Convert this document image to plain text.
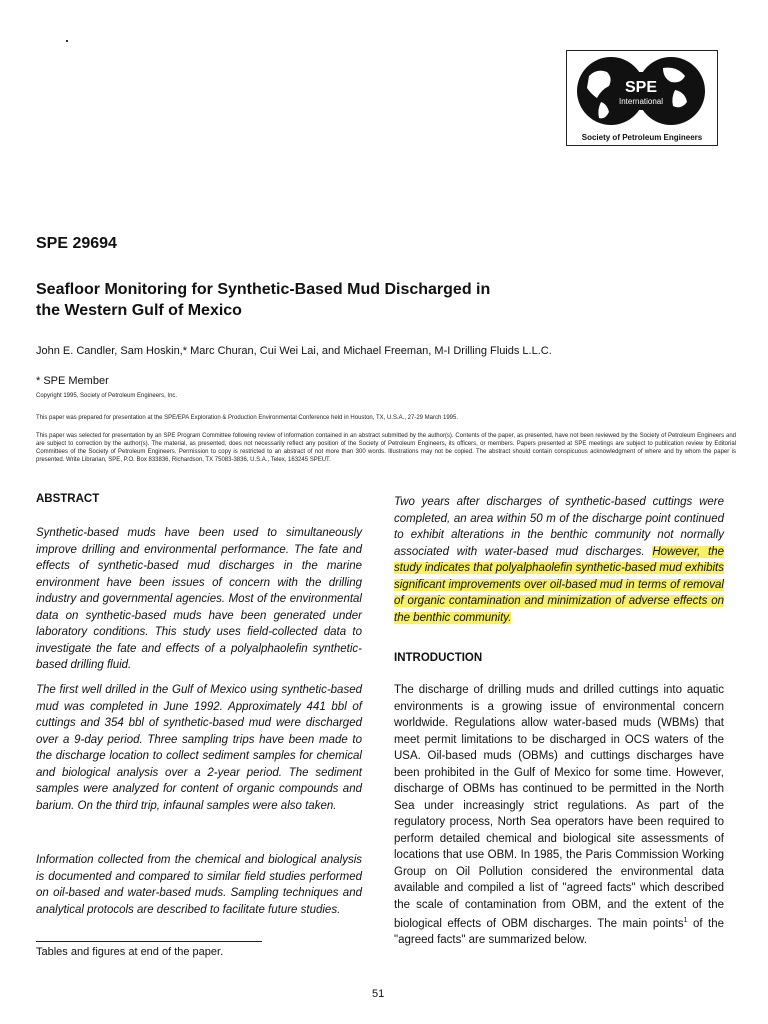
SPE
International
Society of Petroleum Engineers
SPE 29694
Seafloor Monitoring for Synthetic-Based Mud Discharged in the Western Gulf of Mexico
John E. Candler, Sam Hoskin,* Marc Churan, Cui Wei Lai, and Michael Freeman, M-I Drilling Fluids L.L.C.
* SPE Member
Copyright 1995, Society of Petroleum Engineers, Inc.
This paper was prepared for presentation at the SPE/EPA Exploration & Production Environmental Conference held in Houston, TX, U.S.A., 27-29 March 1995.
This paper was selected for presentation by an SPE Program Committee following review of information contained in an abstract submitted by the author(s). Contents of the paper, as presented, have not been reviewed by the Society of Petroleum Engineers and are subject to correction by the author(s). The material, as presented, does not necessarily reflect any position of the Society of Petroleum Engineers, its officers, or members. Papers presented at SPE meetings are subject to publication review by Editorial Committees of the Society of Petroleum Engineers. Permission to copy is restricted to an abstract of not more than 300 words. Illustrations may not be copied. The abstract should contain conspicuous acknowledgment of where and by whom the paper is presented. Write Librarian, SPE, P.O. Box 833836, Richardson, TX 75083-3836, U.S.A., Telex, 163245 SPEUT.
ABSTRACT
Synthetic-based muds have been used to simultaneously improve drilling and environmental performance. The fate and effects of synthetic-based mud discharges in the marine environment have been issues of concern with the drilling industry and governmental agencies. Most of the environmental data on synthetic-based muds have been generated under laboratory conditions. This study uses field-collected data to investigate the fate and effects of a polyalphaolefin synthetic-based drilling fluid.
The first well drilled in the Gulf of Mexico using synthetic-based mud was completed in June 1992. Approximately 441 bbl of cuttings and 354 bbl of synthetic-based mud were discharged over a 9-day period. Three sampling trips have been made to the discharge location to collect sediment samples for chemical and biological analysis over a 2-year period. The sediment samples were analyzed for content of organic compounds and barium. On the third trip, infaunal samples were also taken.
Information collected from the chemical and biological analysis is documented and compared to similar field studies performed on oil-based and water-based muds. Sampling techniques and analytical protocols are described to facilitate future studies.
Two years after discharges of synthetic-based cuttings were completed, an area within 50 m of the discharge point continued to exhibit alterations in the benthic community not normally associated with water-based mud discharges. However, the study indicates that polyalphaolefin synthetic-based mud exhibits significant improvements over oil-based mud in terms of removal of organic contamination and minimization of adverse effects on the benthic community.
INTRODUCTION
The discharge of drilling muds and drilled cuttings into aquatic environments is a growing issue of environmental concern worldwide. Regulations allow water-based muds (WBMs) that meet permit limitations to be discharged in OCS waters of the USA. Oil-based muds (OBMs) and cuttings discharges have been prohibited in the Gulf of Mexico for some time. However, discharge of OBMs has continued to be permitted in the North Sea under increasingly strict regulations. As part of the regulatory process, North Sea operators have been required to perform detailed chemical and biological site assessments of locations that use OBM. In 1985, the Paris Commission Working Group on Oil Pollution considered the environmental data available and compiled a list of "agreed facts" which described the scale of contamination from OBM, and the extent of the biological effects of OBM discharges. The main points$^1$ of the "agreed facts" are summarized below.
Tables and figures at end of the paper.
51
